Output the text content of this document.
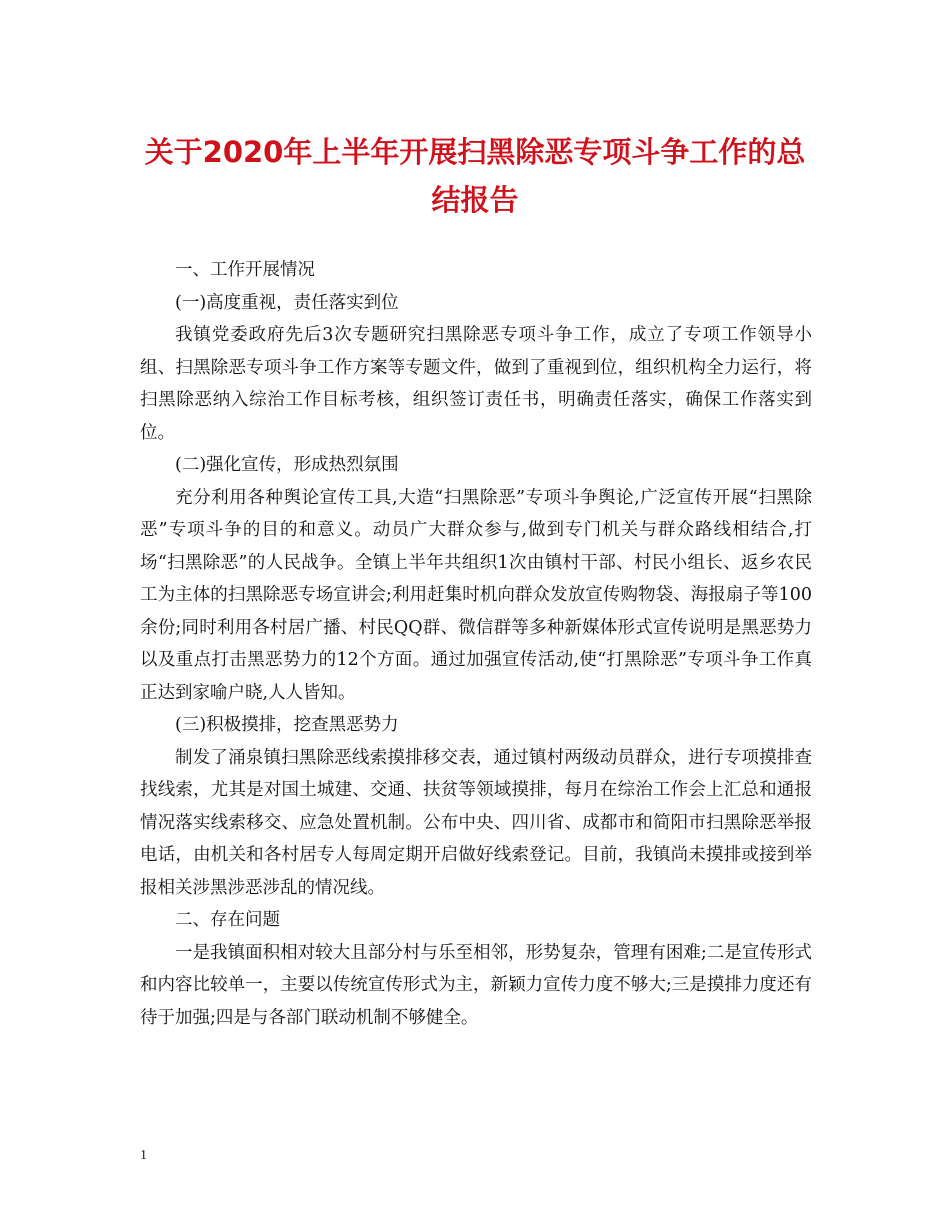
关于2020年上半年开展扫黑除恶专项斗争工作的总结报告

一、工作开展情况

(一)高度重视，责任落实到位

我镇党委政府先后3次专题研究扫黑除恶专项斗争工作，成立了专项工作领导小组、扫黑除恶专项斗争工作方案等专题文件，做到了重视到位，组织机构全力运行，将扫黑除恶纳入综治工作目标考核，组织签订责任书，明确责任落实，确保工作落实到位。

(二)强化宣传，形成热烈氛围

充分利用各种舆论宣传工具,大造“扫黑除恶”专项斗争舆论,广泛宣传开展“扫黑除恶”专项斗争的目的和意义。动员广大群众参与,做到专门机关与群众路线相结合,打场“扫黑除恶”的人民战争。全镇上半年共组织1次由镇村干部、村民小组长、返乡农民工为主体的扫黑除恶专场宣讲会;利用赶集时机向群众发放宣传购物袋、海报扇子等100余份;同时利用各村居广播、村民QQ群、微信群等多种新媒体形式宣传说明是黑恶势力以及重点打击黑恶势力的12个方面。通过加强宣传活动,使“打黑除恶”专项斗争工作真正达到家喻户晓,人人皆知。

(三)积极摸排，挖查黑恶势力

制发了涌泉镇扫黑除恶线索摸排移交表，通过镇村两级动员群众，进行专项摸排查找线索，尤其是对国土城建、交通、扶贫等领域摸排，每月在综治工作会上汇总和通报情况落实线索移交、应急处置机制。公布中央、四川省、成都市和简阳市扫黑除恶举报电话，由机关和各村居专人每周定期开启做好线索登记。目前，我镇尚未摸排或接到举报相关涉黑涉恶涉乱的情况线。

二、存在问题

一是我镇面积相对较大且部分村与乐至相邻，形势复杂，管理有困难;二是宣传形式和内容比较单一，主要以传统宣传形式为主，新颖力宣传力度不够大;三是摸排力度还有待于加强;四是与各部门联动机制不够健全。

1
